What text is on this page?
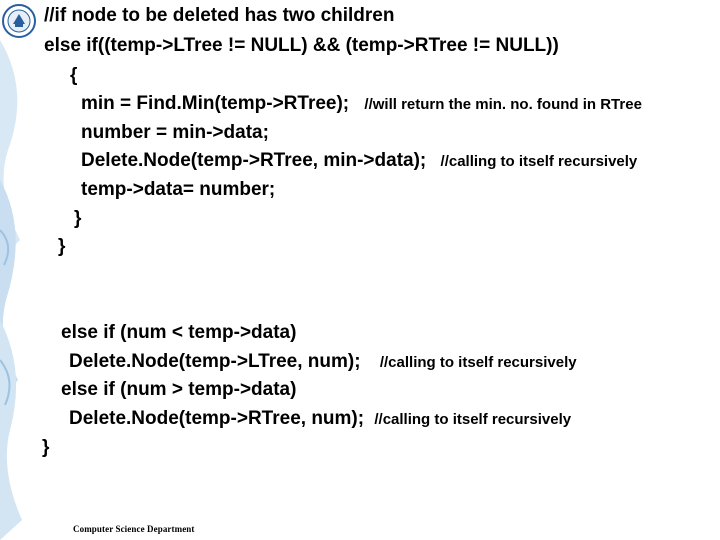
//if node to be deleted has two children
else if((temp->LTree != NULL) && (temp->RTree != NULL))
{
min = Find.Min(temp->RTree); //will return the min. no. found in RTree
number = min->data;
Delete.Node(temp->RTree, min->data); //calling to itself recursively
temp->data= number;
}
}
else if (num < temp->data)
Delete.Node(temp->LTree, num); //calling to itself recursively
else if (num > temp->data)
Delete.Node(temp->RTree, num); //calling to itself recursively
}
Computer Science Department
